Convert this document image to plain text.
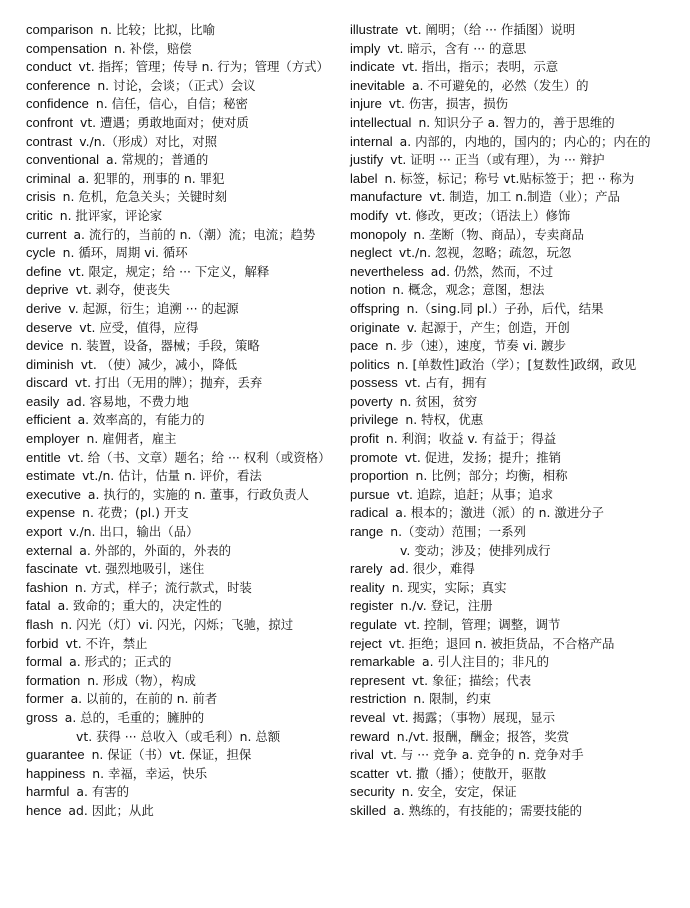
comparison n. 比较；比拟，比喻
compensation n. 补偿，赔偿
conduct vt. 指挥；管理；传导 n. 行为；管理（方式）
conference n. 讨论，会谈；（正式）会议
confidence n. 信任，信心，自信；秘密
confront vt. 遭遇；勇敢地面对；使对质
contrast v./n.（形成）对比，对照
conventional a. 常规的；普通的
criminal a. 犯罪的，刑事的 n. 罪犯
crisis n. 危机，危急关头；关键时刻
critic n. 批评家，评论家
current a. 流行的，当前的 n.（潮）流；电流；趋势
cycle n. 循环，周期 vi. 循环
define vt. 限定，规定；给 ··· 下定义，解释
deprive vt. 剥夺，使丧失
derive v. 起源，衍生；追溯 ··· 的起源
deserve vt. 应受，值得，应得
device n. 装置，设备，器械；手段，策略
diminish vt. （使）减少，减小，降低
discard vt. 打出（无用的牌）；抛弃，丢弃
easily ad. 容易地，不费力地
efficient a. 效率高的，有能力的
employer n. 雇佣者，雇主
entitle vt. 给（书、文章）题名；给 ··· 权利（或资格）
estimate vt./n. 估计，估量 n. 评价，看法
executive a. 执行的，实施的 n. 董事，行政负责人
expense n. 花费；(pl.) 开支
export v./n. 出口，输出（品）
external a. 外部的，外面的，外表的
fascinate vt. 强烈地吸引，迷住
fashion n. 方式，样子；流行款式，时装
fatal a. 致命的；重大的，决定性的
flash n. 闪光（灯）vi. 闪光，闪烁；飞驰，掠过
forbid vt. 不许，禁止
formal a. 形式的；正式的
formation n. 形成（物），构成
former a. 以前的，在前的 n. 前者
gross a. 总的，毛重的；臃肿的
vt. 获得 ··· 总收入（或毛利）n. 总额
guarantee n. 保证（书）vt. 保证，担保
happiness n. 幸福，幸运，快乐
harmful a. 有害的
hence ad. 因此；从此
illustrate vt. 阐明；（给 ··· 作插图）说明
imply vt. 暗示，含有 ··· 的意思
indicate vt. 指出，指示；表明，示意
inevitable a. 不可避免的，必然（发生）的
injure vt. 伤害，损害，损伤
intellectual n. 知识分子 a. 智力的，善于思维的
internal a. 内部的，内地的，国内的；内心的；内在的
justify vt. 证明 ··· 正当（或有理），为 ··· 辩护
label n. 标签，标记；称号 vt.贴标签于；把 ·· 称为
manufacture vt. 制造，加工 n.制造（业）；产品
modify vt. 修改，更改；（语法上）修饰
monopoly n. 垄断（物、商品），专卖商品
neglect vt./n. 忽视，忽略；疏忽，玩忽
nevertheless ad. 仍然，然而，不过
notion n. 概念，观念；意图，想法
offspring n.（sing.同 pl.）子孙，后代，结果
originate v. 起源于，产生；创造，开创
pace n. 步（速），速度，节奏 vi. 踱步
politics n. [单数性]政治（学）；[复数性]政纲，政见
possess vt. 占有，拥有
poverty n. 贫困，贫穷
privilege n. 特权，优惠
profit n. 利润；收益 v. 有益于；得益
promote vt. 促进，发扬；提升；推销
proportion n. 比例；部分；均衡，相称
pursue vt. 追踪，追赶；从事；追求
radical a. 根本的；激进（派）的 n. 激进分子
range n.（变动）范围；一系列
v. 变动；涉及；使排列成行
rarely ad. 很少，难得
reality n. 现实，实际；真实
register n./v. 登记，注册
regulate vt. 控制，管理；调整，调节
reject vt. 拒绝；退回 n. 被拒货品，不合格产品
remarkable a. 引人注目的；非凡的
represent vt. 象征；描绘；代表
restriction n. 限制，约束
reveal vt. 揭露；（事物）展现，显示
reward n./vt. 报酬，酬金；报答，奖赏
rival vt. 与 ··· 竞争 a. 竞争的 n. 竞争对手
scatter vt. 撒（播）；使散开，驱散
security n. 安全，安定，保证
skilled a. 熟练的，有技能的；需要技能的
